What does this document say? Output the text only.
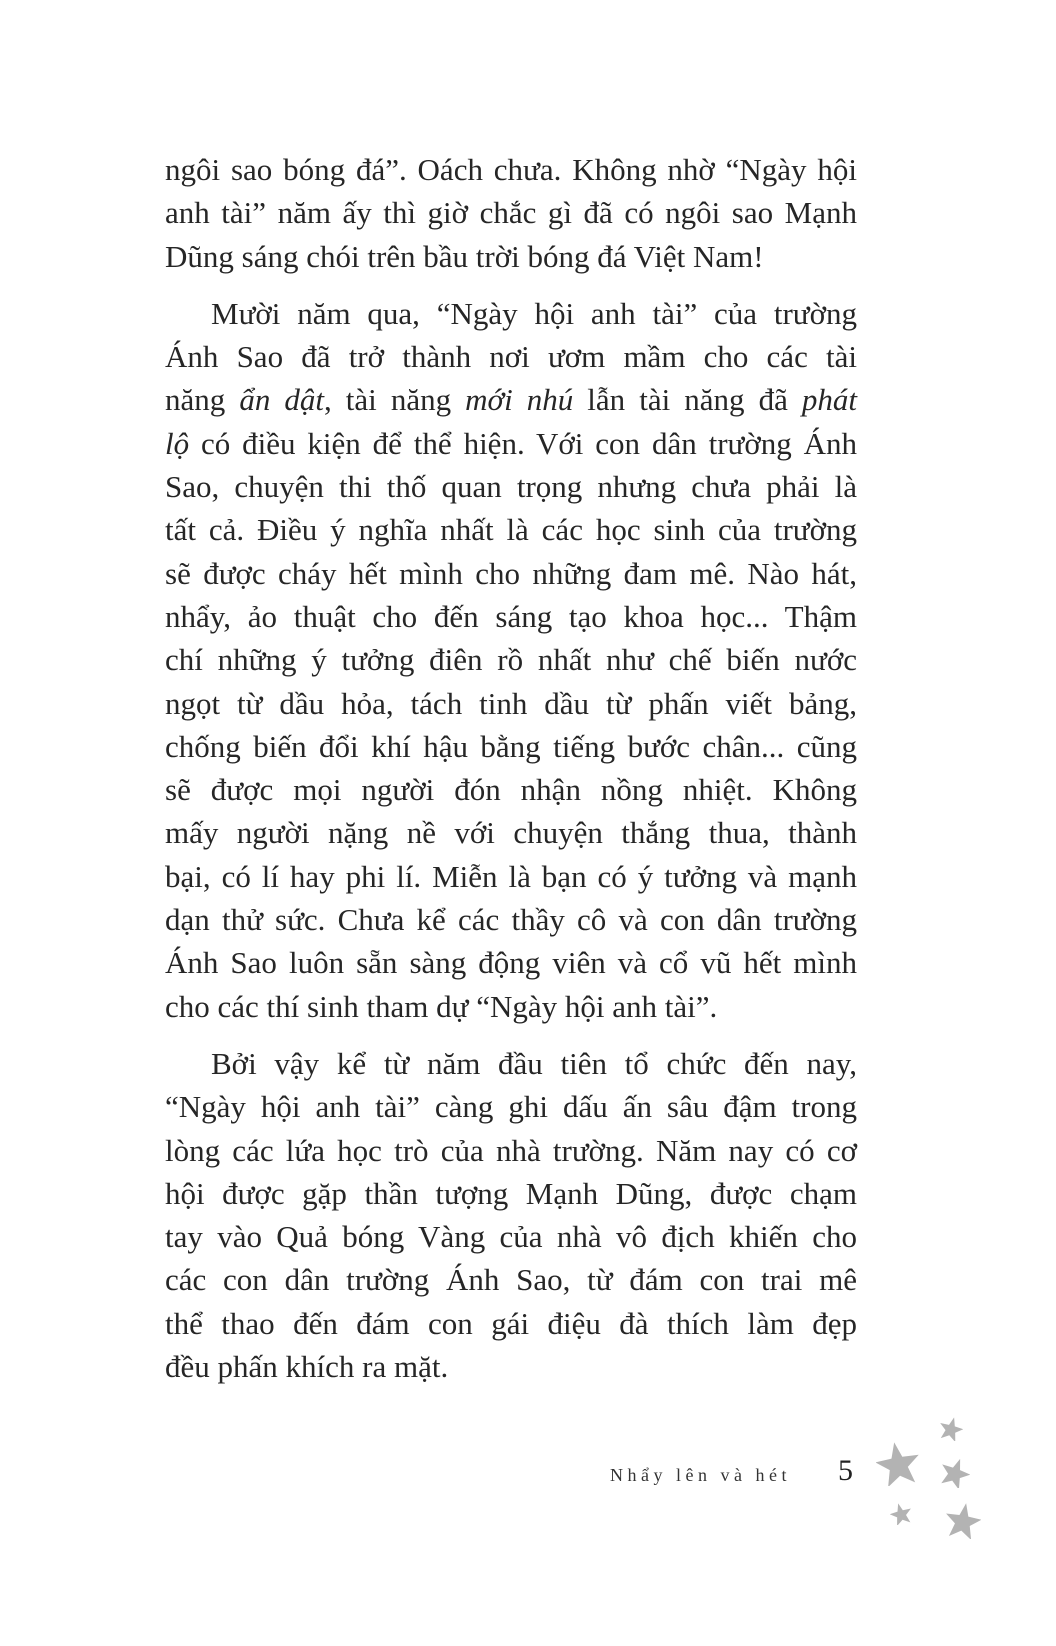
ngôi sao bóng đá”. Oách chưa. Không nhờ “Ngày hội
anh tài” năm ấy thì giờ chắc gì đã có ngôi sao Mạnh
Dũng sáng chói trên bầu trời bóng đá Việt Nam!
Mười năm qua, “Ngày hội anh tài” của trường
Ánh Sao đã trở thành nơi ươm mầm cho các tài
năng ẩn dật, tài năng mới nhú lẫn tài năng đã phát
lộ có điều kiện để thể hiện. Với con dân trường Ánh
Sao, chuyện thi thố quan trọng nhưng chưa phải là
tất cả. Điều ý nghĩa nhất là các học sinh của trường
sẽ được cháy hết mình cho những đam mê. Nào hát,
nhẩy, ảo thuật cho đến sáng tạo khoa học... Thậm
chí những ý tưởng điên rồ nhất như chế biến nước
ngọt từ dầu hỏa, tách tinh dầu từ phấn viết bảng,
chống biến đổi khí hậu bằng tiếng bước chân... cũng
sẽ được mọi người đón nhận nồng nhiệt. Không
mấy người nặng nề với chuyện thắng thua, thành
bại, có lí hay phi lí. Miễn là bạn có ý tưởng và mạnh
dạn thử sức. Chưa kể các thầy cô và con dân trường
Ánh Sao luôn sẵn sàng động viên và cổ vũ hết mình
cho các thí sinh tham dự “Ngày hội anh tài”.
Bởi vậy kể từ năm đầu tiên tổ chức đến nay,
“Ngày hội anh tài” càng ghi dấu ấn sâu đậm trong
lòng các lứa học trò của nhà trường. Năm nay có cơ
hội được gặp thần tượng Mạnh Dũng, được chạm
tay vào Quả bóng Vàng của nhà vô địch khiến cho
các con dân trường Ánh Sao, từ đám con trai mê
thể thao đến đám con gái điệu đà thích làm đẹp
đều phấn khích ra mặt.
Nhẩy lên và hét 5
